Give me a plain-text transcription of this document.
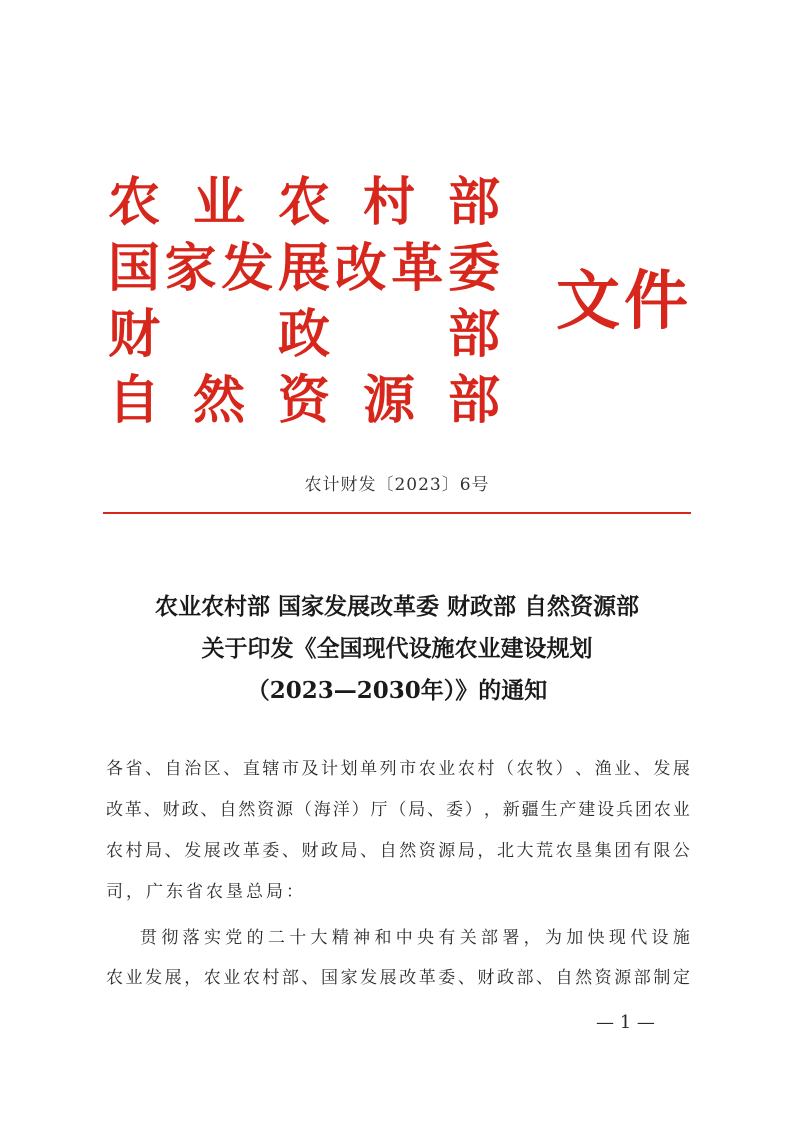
农 业 农 村 部
国 家 发 展 改 革 委
财 政 部
自 然 资 源 部
文件
农计财发〔2023〕6号
农业农村部 国家发展改革委 财政部 自然资源部
关于印发《全国现代设施农业建设规划
（2023—2030年）》的通知
各 省 、 自 治 区 、 直 辖 市 及 计 划 单 列 市 农 业 农 村 （ 农 牧 ） 、 渔 业 、 发 展
改 革 、 财 政 、 自 然 资 源 （ 海 洋 ） 厅 （ 局 、 委 ） ， 新 疆 生 产 建 设 兵 团 农 业
农 村 局 、 发 展 改 革 委 、 财 政 局 、 自 然 资 源 局 ， 北 大 荒 农 垦 集 团 有 限 公
司，广东省农垦总局：
贯 彻 落 实 党 的 二 十 大 精 神 和 中 央 有 关 部 署 ， 为 加 快 现 代 设 施
农 业 发 展 ， 农 业 农 村 部 、 国 家 发 展 改 革 委 、 财 政 部 、 自 然 资 源 部 制 定
— 1 —
